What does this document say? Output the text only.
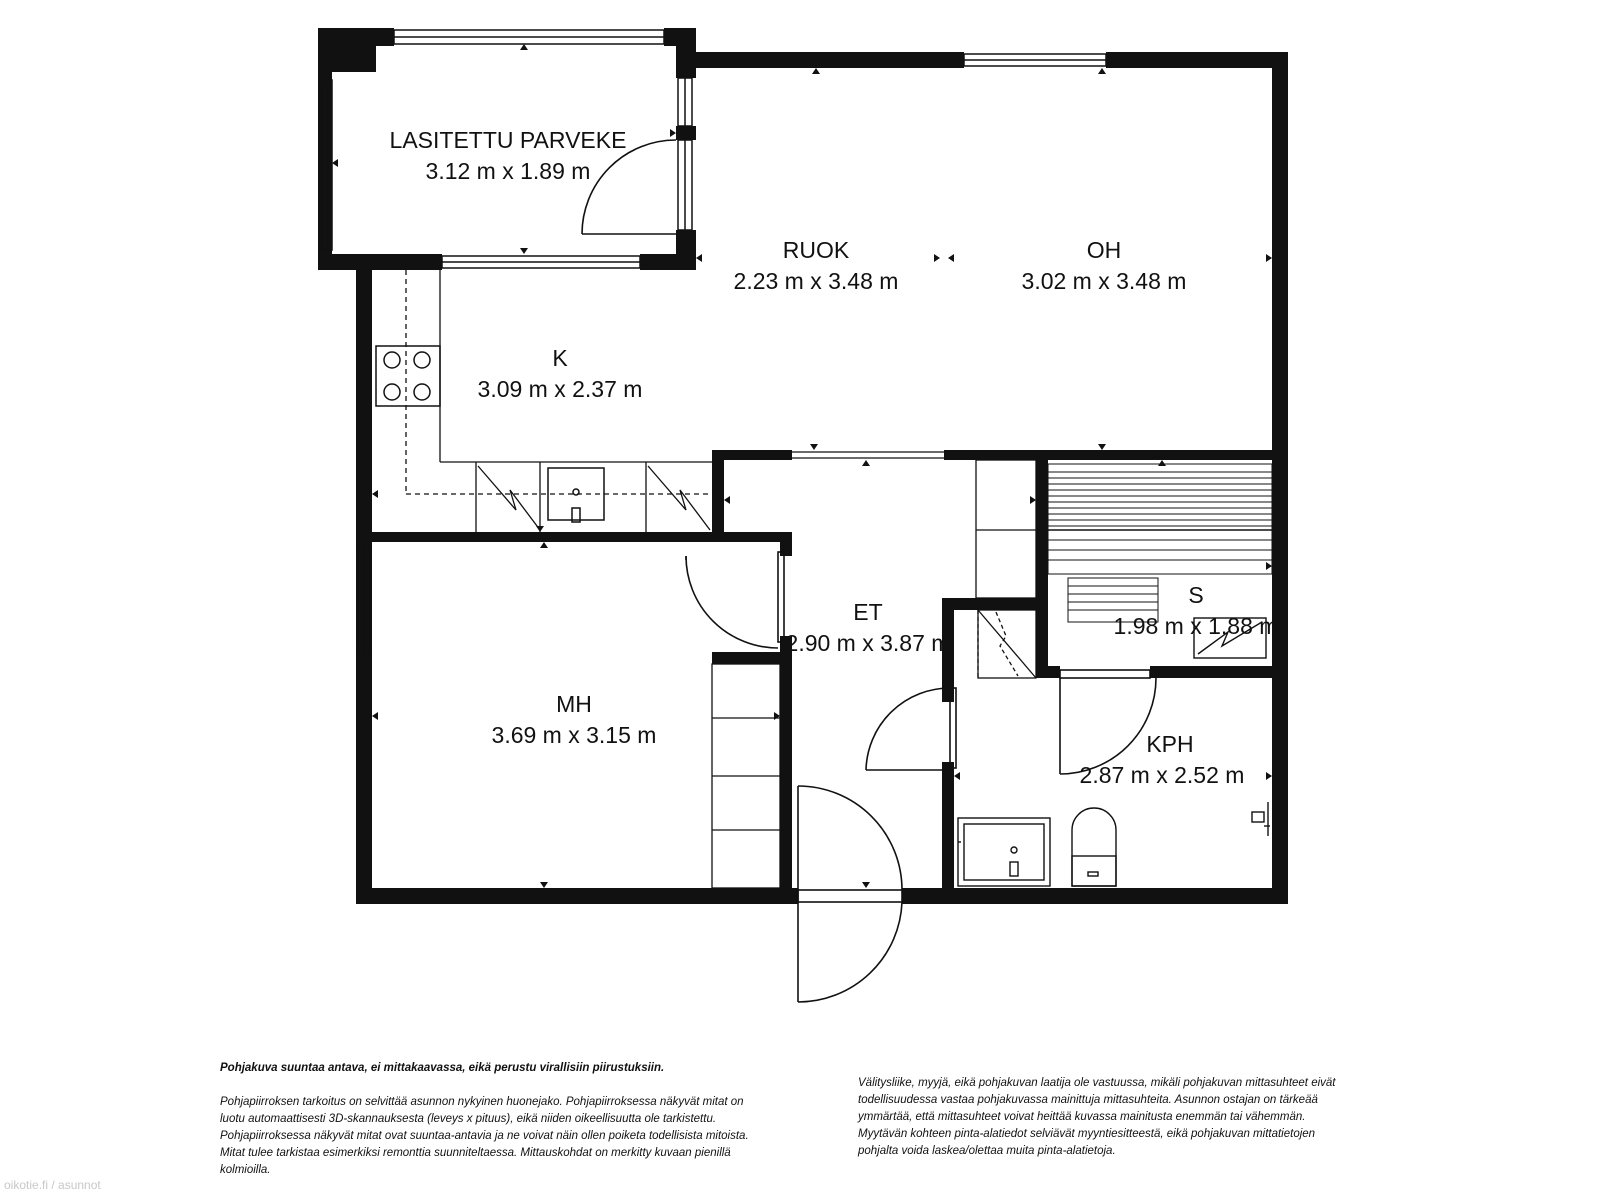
LASITETTU PARVEKE
3.12 m x 1.89 m
RUOK
2.23 m x 3.48 m
OH
3.02 m x 3.48 m
K
3.09 m x 2.37 m
ET
2.90 m x 3.87 m
S
1.98 m x 1.88 m
MH
3.69 m x 3.15 m	KPH
2.87 m x 2.52 m

Pohjakuva suuntaa antava, ei mittakaavassa, eikä perustu virallisiin piirustuksiin.

Pohjapiirroksen tarkoitus on selvittää asunnon nykyinen huonejako. Pohjapiirroksessa näkyvät mitat on luotu automaattisesti 3D-skannauksesta (leveys x pituus), eikä niiden oikeellisuutta ole tarkistettu. Pohjapiirroksessa näkyvät mitat ovat suuntaa-antavia ja ne voivat näin ollen poiketa todellisista mitoista. Mitat tulee tarkistaa esimerkiksi remonttia suunniteltaessa. Mittauskohdat on merkitty kuvaan pienillä kolmioilla.

Välitysliike, myyjä, eikä pohjakuvan laatija ole vastuussa, mikäli pohjakuvan mittasuhteet eivät todellisuudessa vastaa pohjakuvassa mainittuja mittasuhteita. Asunnon ostajan on tärkeää ymmärtää, että mittasuhteet voivat heittää kuvassa mainitusta enemmän tai vähemmän. Myytävän kohteen pinta-alatiedot selviävät myyntiesitteestä, eikä pohjakuvan mittatietojen pohjalta voida laskea/olettaa muita pinta-alatietoja.

oikotie.fi / asunnot
